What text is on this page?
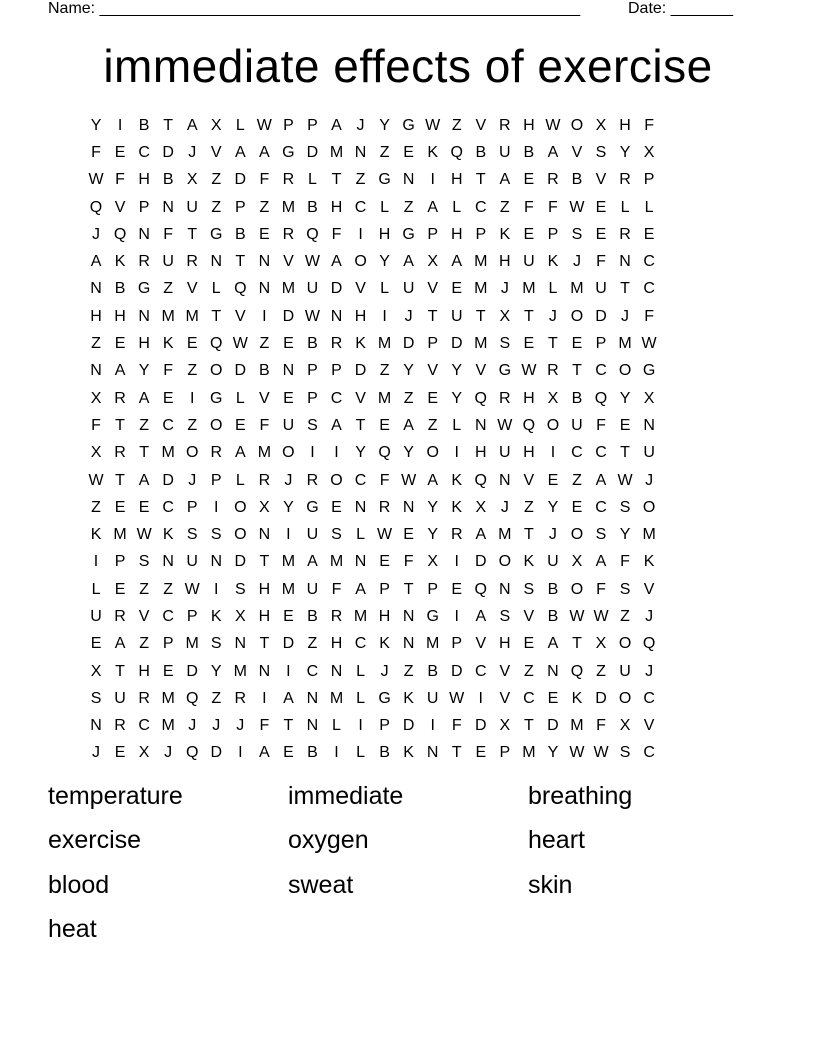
Name: ______________________________________________________	Date: _______
immediate effects of exercise
Y	I	B T A X L W P P A J Y G W Z V R H W O X H F
F E C D J V A A G D M N Z E K Q B U B A V S Y X
W F H B X Z D F R L T Z G N	I	H T A E R B V R P
Q V P N U Z P Z M B H C L Z A L C Z F F W E L L
J Q N F T G B E R Q F	I	H G P H P K E P S E R E
A K R U R N T N V W A O Y A X A M H U K J F N C
N B G Z V L Q N M U D V L U V E M J M L M U T C
H H N M M T V	I	D W N H	I	J T U T X T J O D J F
Z E H K E Q W Z E B R K M D P D M S E T E P M W
N A Y F Z O D B N P P D Z Y V Y V G W R T C O G
X R A E	I G L V E P C V M Z E Y Q R H X B Q Y X
F T Z C Z O E F U S A T E A Z L N W Q O U F E N
X R T M O R A M O I	I	Y Q Y O I	H U H	I	C C T U
W T A D J P L R J R O C F W A K Q N V E Z A W J
Z E E C P	I O X Y G E N R N Y K X J Z Y E C S O
K M W K S S O N	I	U S L W E Y R A M T J O S Y M
I	P S N U N D T M A M N E F X	I	D O K U X A F K
L E Z Z W I	S H M U F A P T P E Q N S B O F S V
U R V C P K X H E B R M H N G I	A S V B W W Z J
E A Z P M S N T D Z H C K N M P V H E A T X O Q
X T H E D Y M N	I	C N L J Z B D C V Z N Q Z U J
S U R M Q Z R	I	A N M L G K U W I	V C E K D O C
N R C M J	J	J F T N L	I	P D	I	F D X T D M F X V
J E X J Q D	I	A E B	I	L B K N T E P M Y W W S C
temperature	immediate	breathing
exercise	oxygen	heart
blood	sweat	skin
heat
